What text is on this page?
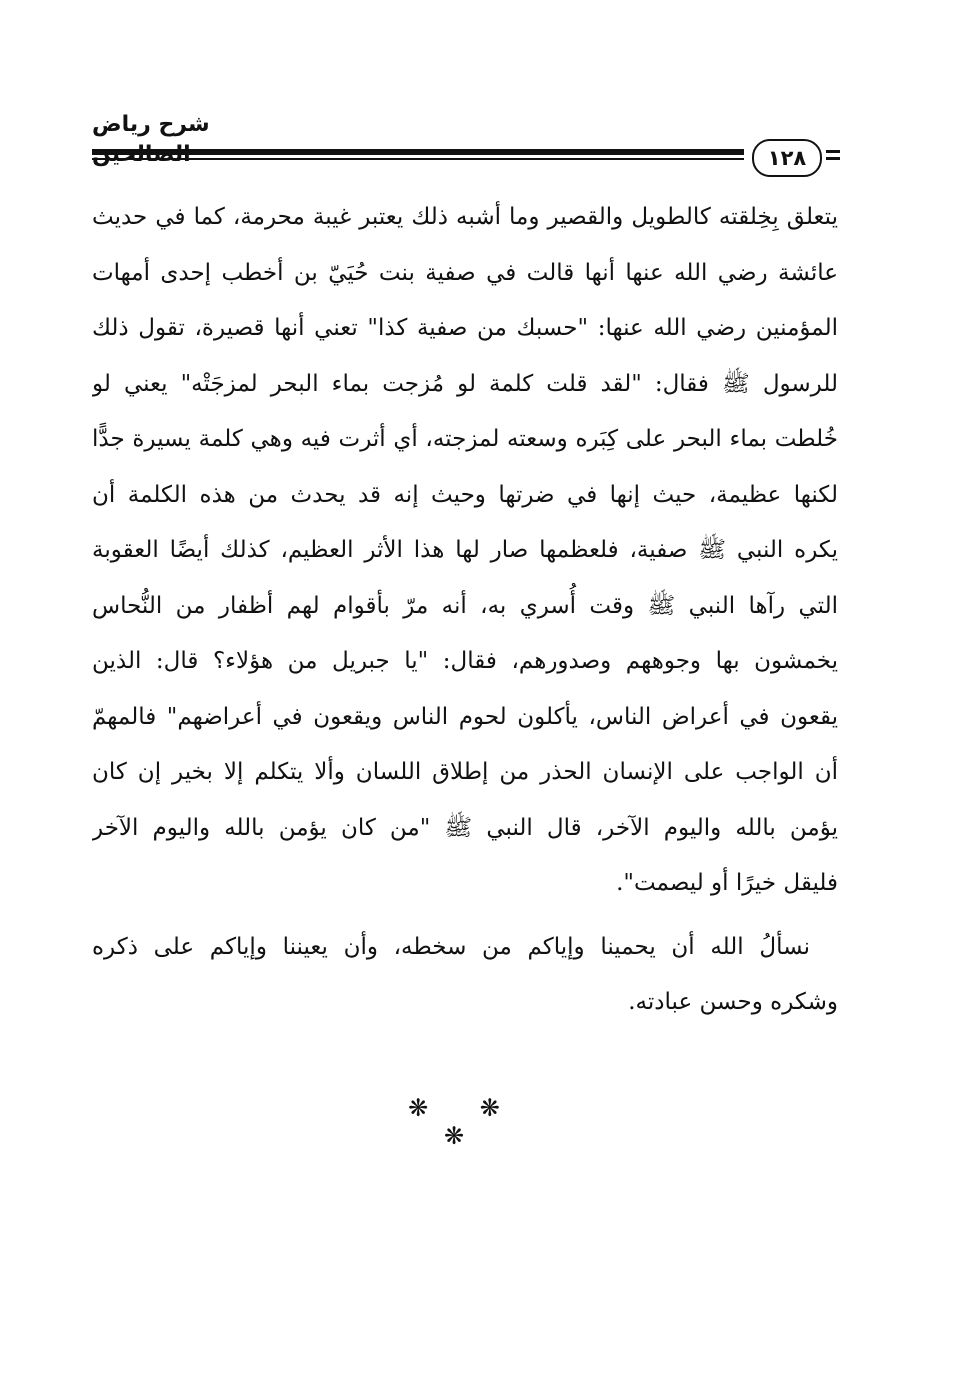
شرح رياض
١٢٨
يتعلق بِخِلقته كالطويل والقصير وما أشبه ذلك يعتبر غيبة محرمة، كما في حديث
عائشة رضي الله عنها أنها قالت في صفية بنت حُيَيّ بن أخطب إحدى أمهات
المؤمنين رضي الله عنها: "حسبك من صفية كذا" تعني أنها قصيرة، تقول ذلك
للرسول ﷺ فقال: "لقد قلت كلمة لو مُزجت بماء البحر لمزجَتْه" يعني لو
خُلطت بماء البحر على كِبَره وسعته لمزجته، أي أثرت فيه وهي كلمة يسيرة جدًّا
لكنها عظيمة، حيث إنها في ضرتها وحيث إنه قد يحدث من هذه الكلمة أن
يكره النبي ﷺ صفية، فلعظمها صار لها هذا الأثر العظيم، كذلك أيضًا العقوبة
التي رآها النبي ﷺ وقت أُسري به، أنه مرّ بأقوام لهم أظفار من النُّحاس
يخمشون بها وجوههم وصدورهم، فقال: "يا جبريل من هؤلاء؟ قال: الذين
يقعون في أعراض الناس، يأكلون لحوم الناس ويقعون في أعراضهم" فالمهمّ
أن الواجب على الإنسان الحذر من إطلاق اللسان وألا يتكلم إلا بخير إن كان
يؤمن بالله واليوم الآخر، قال النبي ﷺ "من كان يؤمن بالله واليوم الآخر
فليقل خيرًا أو ليصمت".
نسألُ الله أن يحمينا وإياكم من سخطه، وأن يعيننا وإياكم على ذكره
وشكره وحسن عبادته.
❋ ❋ ❋
